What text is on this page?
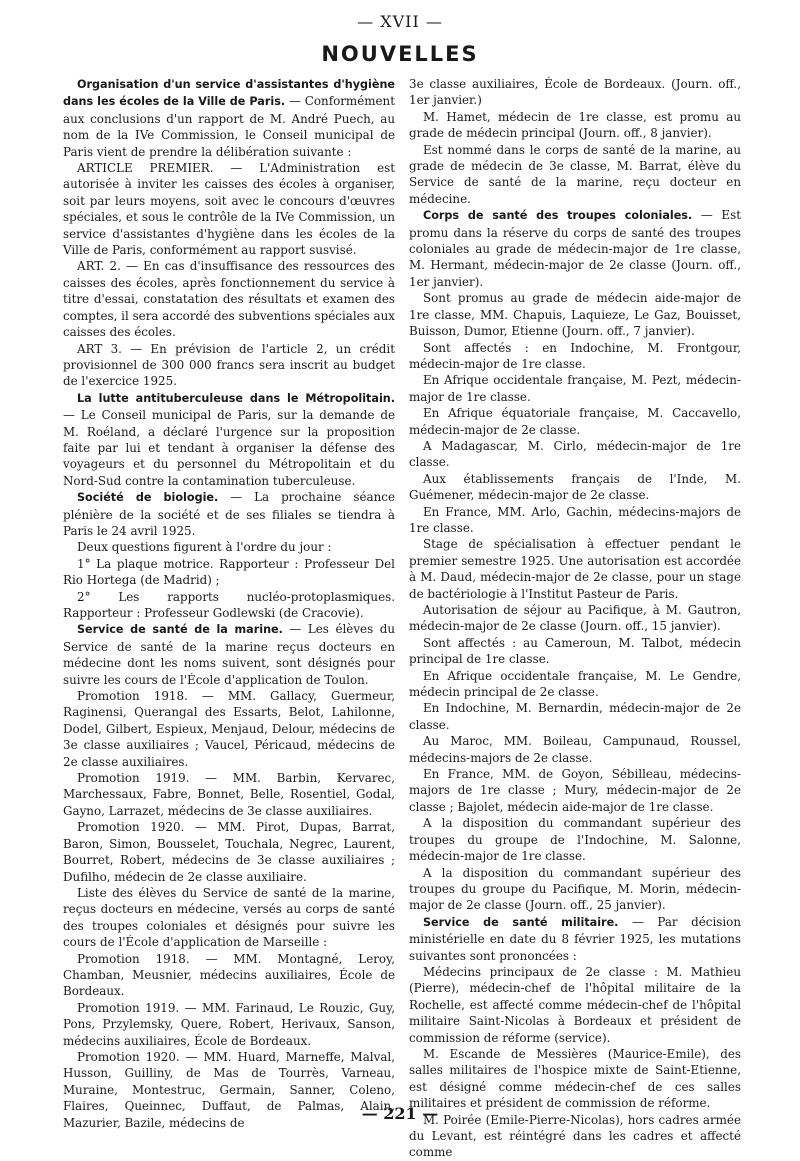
— XVII —
NOUVELLES

Organisation d'un service d'assistantes d'hygiène dans les écoles de la Ville de Paris. — Conformément aux conclusions d'un rapport de M. André Puech, au nom de la IVe Commission, le Conseil municipal de Paris vient de prendre la délibération suivante :

ARTICLE PREMIER. — L'Administration est autorisée à inviter les caisses des écoles à organiser, soit par leurs moyens, soit avec le concours d'œuvres spéciales, et sous le contrôle de la IVe Commission, un service d'assistantes d'hygiène dans les écoles de la Ville de Paris, conformément au rapport susvisé.

ART. 2. — En cas d'insuffisance des ressources des caisses des écoles, après fonctionnement du service à titre d'essai, constatation des résultats et examen des comptes, il sera accordé des subventions spéciales aux caisses des écoles.

ART 3. — En prévision de l'article 2, un crédit provisionnel de 300 000 francs sera inscrit au budget de l'exercice 1925.

La lutte antituberculeuse dans le Métropolitain. — Le Conseil municipal de Paris, sur la demande de M. Roéland, a déclaré l'urgence sur la proposition faite par lui et tendant à organiser la défense des voyageurs et du personnel du Métropolitain et du Nord-Sud contre la contamination tuberculeuse.

Société de biologie. — La prochaine séance plénière de la société et de ses filiales se tiendra à Paris le 24 avril 1925.

Deux questions figurent à l'ordre du jour :

1° La plaque motrice. Rapporteur : Professeur Del Rio Hortega (de Madrid) ;

2° Les rapports nucléo-protoplasmiques. Rapporteur : Professeur Godlewski (de Cracovie).

Service de santé de la marine. — Les élèves du Service de santé de la marine reçus docteurs en médecine dont les noms suivent, sont désignés pour suivre les cours de l'École d'application de Toulon.

Promotion 1918. — MM. Gallacy, Guermeur, Raginensi, Querangal des Essarts, Belot, Lahilonne, Dodel, Gilbert, Espieux, Menjaud, Delour, médecins de 3e classe auxiliaires ; Vaucel, Péricaud, médecins de 2e classe auxiliaires.

Promotion 1919. — MM. Barbin, Kervarec, Marchessaux, Fabre, Bonnet, Belle, Rosentiel, Godal, Gayno, Larrazet, médecins de 3e classe auxiliaires.

Promotion 1920. — MM. Pirot, Dupas, Barrat, Baron, Simon, Bousselet, Touchala, Negrec, Laurent, Bourret, Robert, médecins de 3e classe auxiliaires ; Dufilho, médecin de 2e classe auxiliaire.

Liste des élèves du Service de santé de la marine, reçus docteurs en médecine, versés au corps de santé des troupes coloniales et désignés pour suivre les cours de l'École d'application de Marseille :

Promotion 1918. — MM. Montagné, Leroy, Chamban, Meusnier, médecins auxiliaires, École de Bordeaux.

Promotion 1919. — MM. Farinaud, Le Rouzic, Guy, Pons, Przylemsky, Quere, Robert, Herivaux, Sanson, médecins auxiliaires, École de Bordeaux.

Promotion 1920. — MM. Huard, Marneffe, Malval, Husson, Guilliny, de Mas de Tourrès, Varneau, Muraine, Montestruc, Germain, Sanner, Coleno, Flaires, Queinnec, Duffaut, de Palmas, Alain, Mazurier, Bazile, médecins de

3e classe auxiliaires, École de Bordeaux. (Journ. off., 1er janvier.)

M. Hamet, médecin de 1re classe, est promu au grade de médecin principal (Journ. off., 8 janvier).

Est nommé dans le corps de santé de la marine, au grade de médecin de 3e classe, M. Barrat, élève du Service de santé de la marine, reçu docteur en médecine.

Corps de santé des troupes coloniales. — Est promu dans la réserve du corps de santé des troupes coloniales au grade de médecin-major de 1re classe, M. Hermant, médecin-major de 2e classe (Journ. off., 1er janvier).

Sont promus au grade de médecin aide-major de 1re classe, MM. Chapuis, Laquieze, Le Gaz, Bouisset, Buisson, Dumor, Etienne (Journ. off., 7 janvier).

Sont affectés : en Indochine, M. Frontgour, médecin-major de 1re classe.

En Afrique occidentale française, M. Pezt, médecin-major de 1re classe.

En Afrique équatoriale française, M. Caccavello, médecin-major de 2e classe.

A Madagascar, M. Cirlo, médecin-major de 1re classe.

Aux établissements français de l'Inde, M. Guémener, médecin-major de 2e classe.

En France, MM. Arlo, Gachin, médecins-majors de 1re classe.

Stage de spécialisation à effectuer pendant le premier semestre 1925. Une autorisation est accordée à M. Daud, médecin-major de 2e classe, pour un stage de bactériologie à l'Institut Pasteur de Paris.

Autorisation de séjour au Pacifique, à M. Gautron, médecin-major de 2e classe (Journ. off., 15 janvier).

Sont affectés : au Cameroun, M. Talbot, médecin principal de 1re classe.

En Afrique occidentale française, M. Le Gendre, médecin principal de 2e classe.

En Indochine, M. Bernardin, médecin-major de 2e classe.

Au Maroc, MM. Boileau, Campunaud, Roussel, médecins-majors de 2e classe.

En France, MM. de Goyon, Sébilleau, médecins-majors de 1re classe ; Mury, médecin-major de 2e classe ; Bajolet, médecin aide-major de 1re classe.

A la disposition du commandant supérieur des troupes du groupe de l'Indochine, M. Salonne, médecin-major de 1re classe.

A la disposition du commandant supérieur des troupes du groupe du Pacifique, M. Morin, médecin-major de 2e classe (Journ. off., 25 janvier).

Service de santé militaire. — Par décision ministérielle en date du 8 février 1925, les mutations suivantes sont prononcées :

Médecins principaux de 2e classe : M. Mathieu (Pierre), médecin-chef de l'hôpital militaire de la Rochelle, est affecté comme médecin-chef de l'hôpital militaire Saint-Nicolas à Bordeaux et président de commission de réforme (service).

M. Escande de Messières (Maurice-Emile), des salles militaires de l'hospice mixte de Saint-Etienne, est désigné comme médecin-chef de ces salles militaires et président de commission de réforme.

M. Poirée (Emile-Pierre-Nicolas), hors cadres armée du Levant, est réintégré dans les cadres et affecté comme

— 221 —
